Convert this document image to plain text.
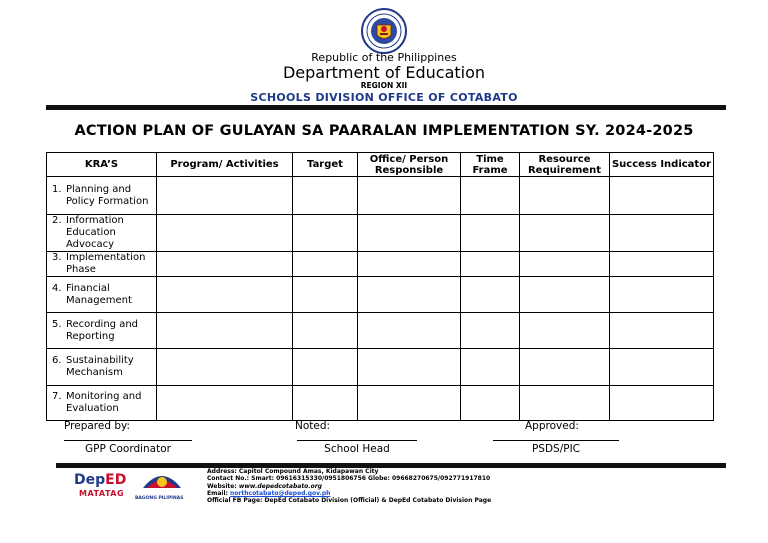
Republic of the Philippines
Department of Education
REGION XII
SCHOOLS DIVISION OFFICE OF COTABATO
ACTION PLAN OF GULAYAN SA PAARALAN IMPLEMENTATION SY. 2024-2025
KRA’S	Program/ Activities	Target	Office/ Person Responsible	Time Frame	Resource Requirement	Success Indicator

1. Planning and Policy Formation						

2. Information Education Advocacy						

3. Implementation Phase						

4. Financial Management						

5. Recording and Reporting						

6. Sustainability Mechanism						

7. Monitoring and Evaluation						

Prepared by:
GPP Coordinator
Noted:
School Head
Approved:
PSDS/PIC
DepED
MATATAG
BAGONG PILIPINAS
Address: Capitol Compound Amas, Kidapawan City
Contact No.: Smart: 09616315330/0951806756 Globe: 09668270675/092771917810
Website: www.depedcotabato.org
Email: northcotabato@deped.gov.ph
Official FB Page: DepEd Cotabato Division (Official) & DepEd Cotabato Division Page
